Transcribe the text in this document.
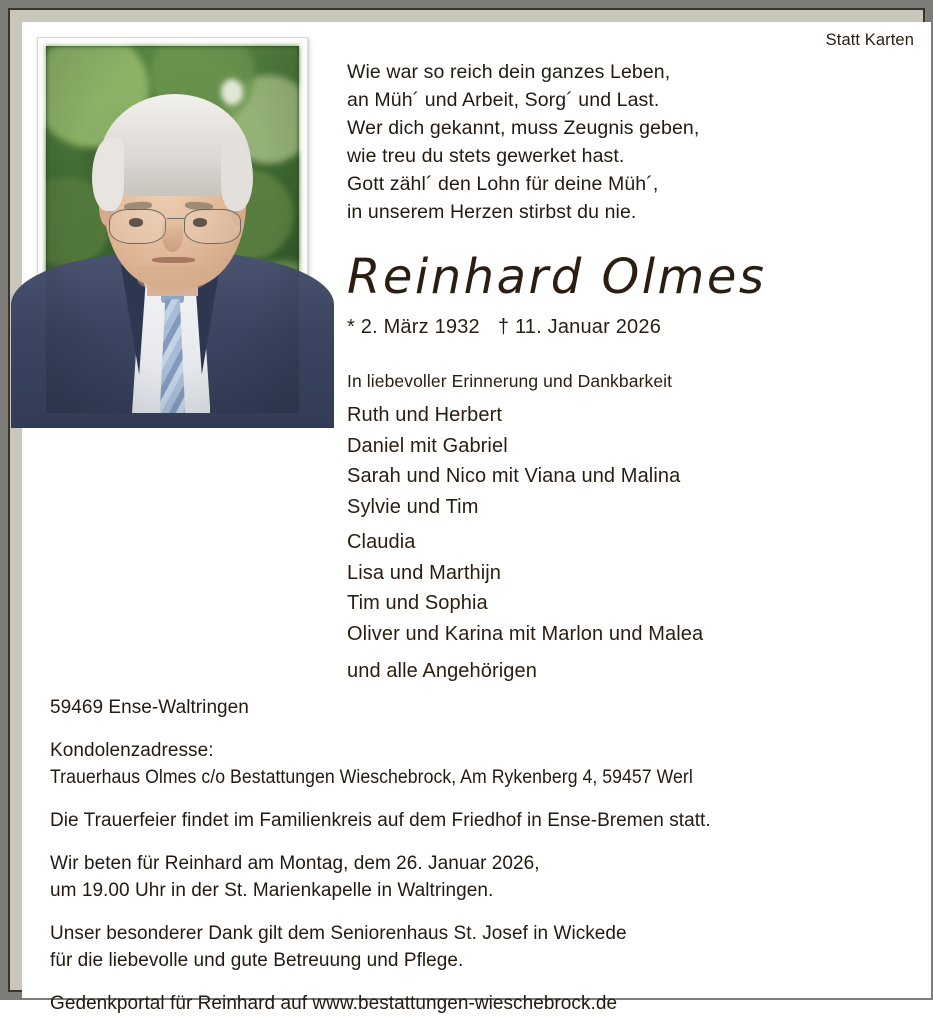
Statt Karten
Wie war so reich dein ganzes Leben,
an Müh´ und Arbeit, Sorg´ und Last.
Wer dich gekannt, muss Zeugnis geben,
wie treu du stets gewerket hast.
Gott zähl´ den Lohn für deine Müh´,
in unserem Herzen stirbst du nie.
Reinhard Olmes
* 2. März 1932 † 11. Januar 2026
In liebevoller Erinnerung und Dankbarkeit
Ruth und Herbert
Daniel mit Gabriel
Sarah und Nico mit Viana und Malina
Sylvie und Tim
Claudia
Lisa und Marthijn
Tim und Sophia
Oliver und Karina mit Marlon und Malea
und alle Angehörigen
59469 Ense-Waltringen
Kondolenzadresse:
Trauerhaus Olmes c/o Bestattungen Wieschebrock, Am Rykenberg 4, 59457 Werl
Die Trauerfeier findet im Familienkreis auf dem Friedhof in Ense-Bremen statt.
Wir beten für Reinhard am Montag, dem 26. Januar 2026,
um 19.00 Uhr in der St. Marienkapelle in Waltringen.
Unser besonderer Dank gilt dem Seniorenhaus St. Josef in Wickede
für die liebevolle und gute Betreuung und Pflege.
Gedenkportal für Reinhard auf www.bestattungen-wieschebrock.de
